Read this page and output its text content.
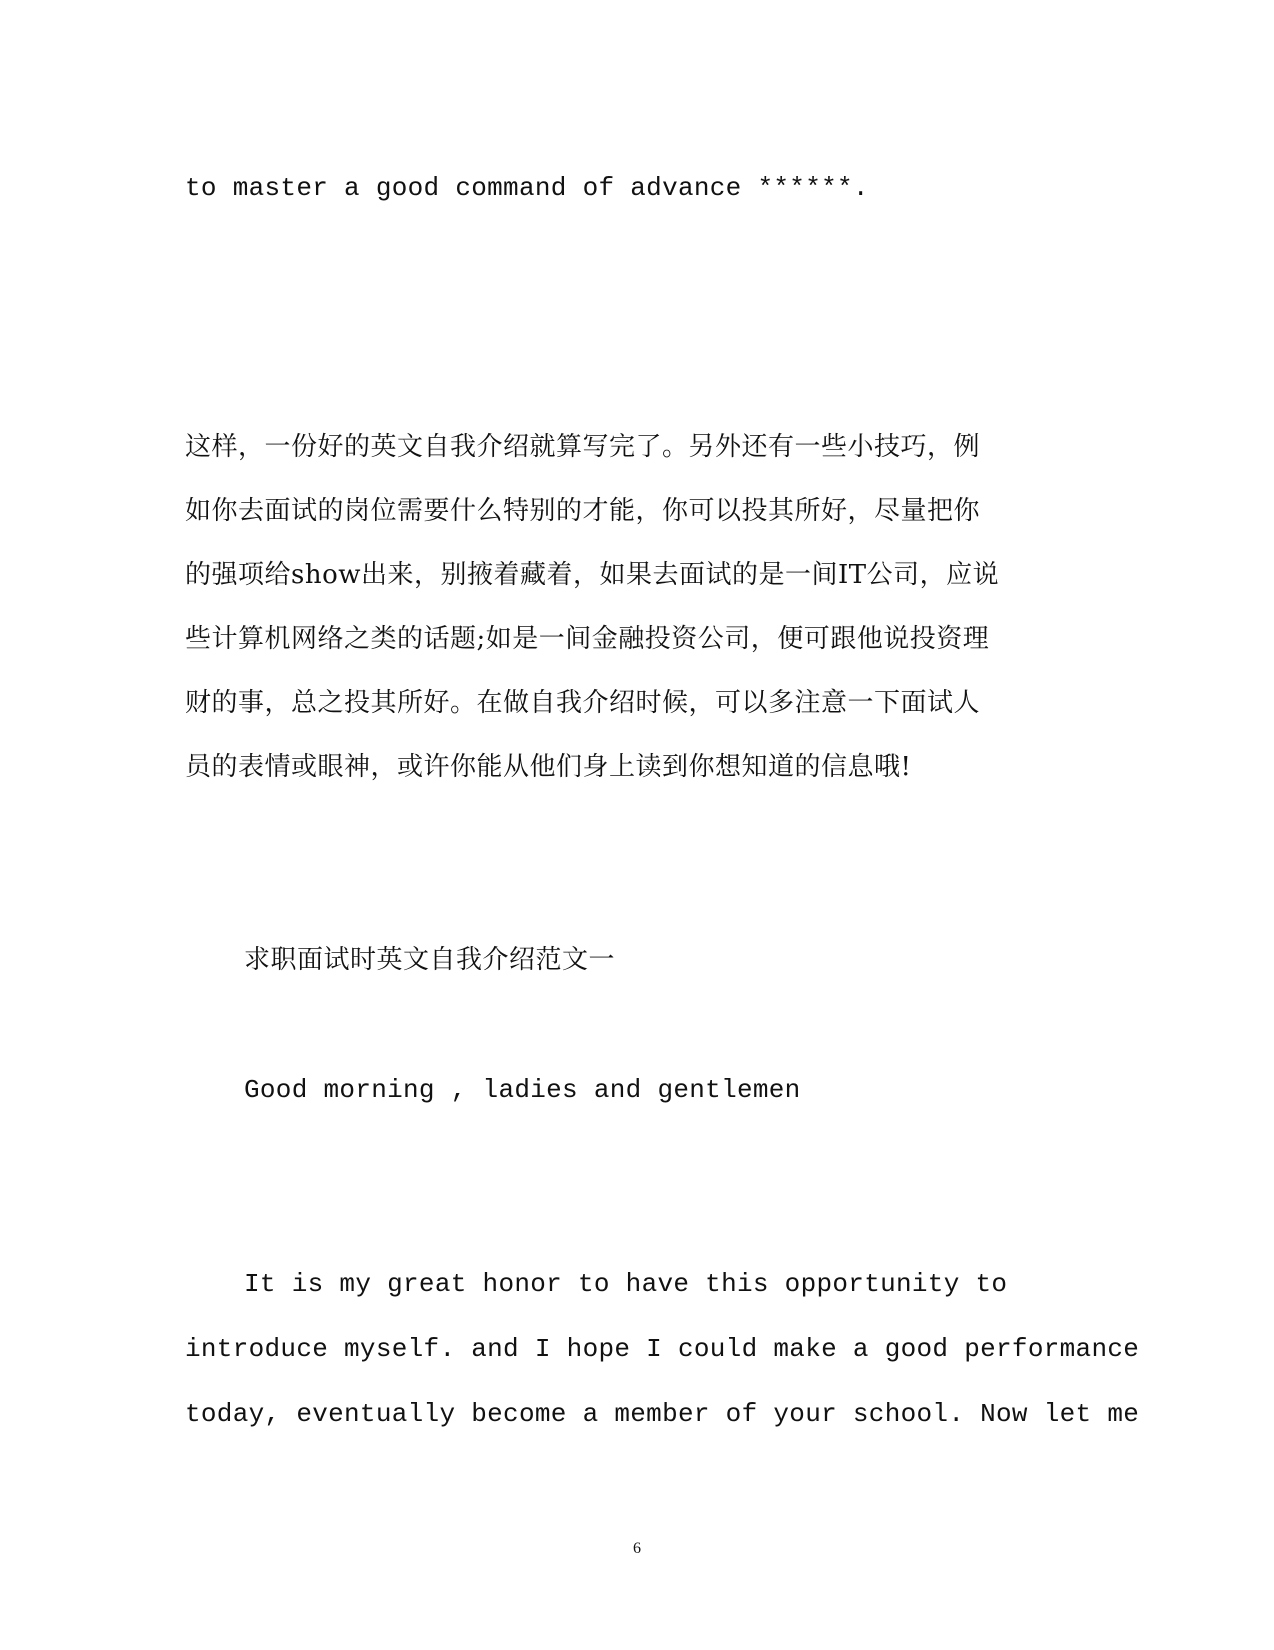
to master a good command of advance ******.
这样，一份好的英文自我介绍就算写完了。另外还有一些小技巧，例
如你去面试的岗位需要什么特别的才能，你可以投其所好，尽量把你
的强项给show出来，别掖着藏着，如果去面试的是一间IT公司，应说
些计算机网络之类的话题;如是一间金融投资公司，便可跟他说投资理
财的事，总之投其所好。在做自我介绍时候，可以多注意一下面试人
员的表情或眼神，或许你能从他们身上读到你想知道的信息哦!
求职面试时英文自我介绍范文一
Good morning , ladies and gentlemen
It is my great honor to have this opportunity to
introduce myself. and I hope I could make a good performance
today, eventually become a member of your school. Now let me
6
